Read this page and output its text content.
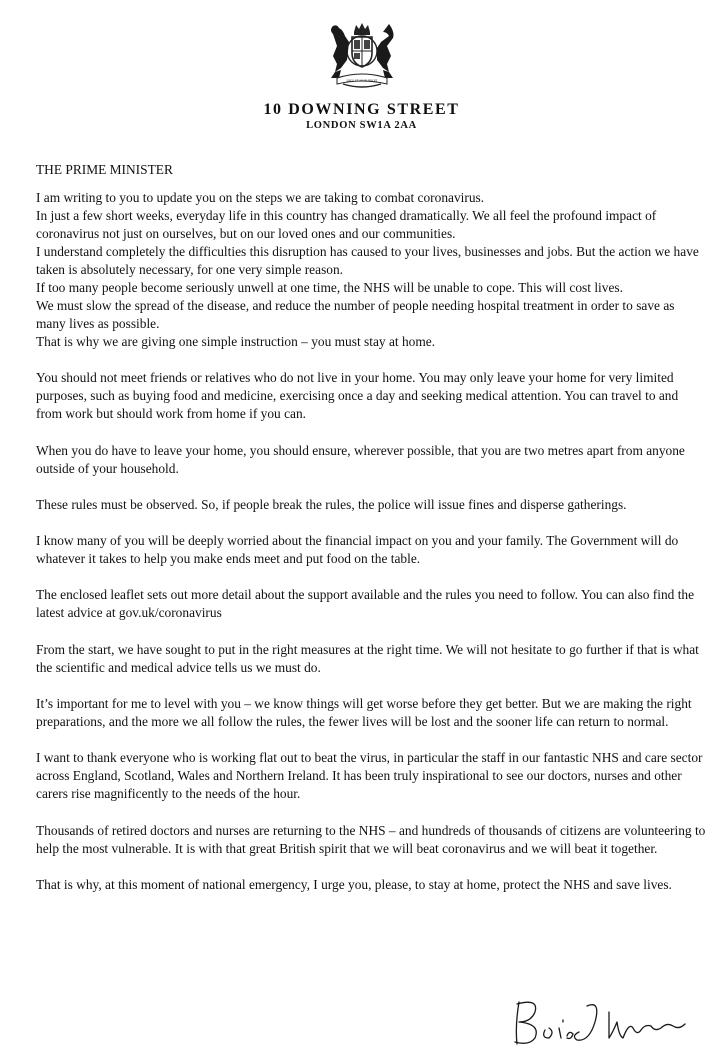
DIEU ET MON DROIT
10 DOWNING STREET
LONDON SW1A 2AA
THE PRIME MINISTER

I am writing to you to update you on the steps we are taking to combat coronavirus.

In just a few short weeks, everyday life in this country has changed dramatically. We all feel the profound impact of coronavirus not just on ourselves, but on our loved ones and our communities.

I understand completely the difficulties this disruption has caused to your lives, businesses and jobs. But the action we have taken is absolutely necessary, for one very simple reason.

If too many people become seriously unwell at one time, the NHS will be unable to cope. This will cost lives.

We must slow the spread of the disease, and reduce the number of people needing hospital treatment in order to save as many lives as possible.

That is why we are giving one simple instruction – you must stay at home.

You should not meet friends or relatives who do not live in your home. You may only leave your home for very limited purposes, such as buying food and medicine, exercising once a day and seeking medical attention. You can travel to and from work but should work from home if you can.

When you do have to leave your home, you should ensure, wherever possible, that you are two metres apart from anyone outside of your household.

These rules must be observed. So, if people break the rules, the police will issue fines and disperse gatherings.

I know many of you will be deeply worried about the financial impact on you and your family. The Government will do whatever it takes to help you make ends meet and put food on the table.

The enclosed leaflet sets out more detail about the support available and the rules you need to follow. You can also find the latest advice at gov.uk/coronavirus

From the start, we have sought to put in the right measures at the right time. We will not hesitate to go further if that is what the scientific and medical advice tells us we must do.

It’s important for me to level with you – we know things will get worse before they get better. But we are making the right preparations, and the more we all follow the rules, the fewer lives will be lost and the sooner life can return to normal.

I want to thank everyone who is working flat out to beat the virus, in particular the staff in our fantastic NHS and care sector across England, Scotland, Wales and Northern Ireland. It has been truly inspirational to see our doctors, nurses and other carers rise magnificently to the needs of the hour.

Thousands of retired doctors and nurses are returning to the NHS – and hundreds of thousands of citizens are volunteering to help the most vulnerable. It is with that great British spirit that we will beat coronavirus and we will beat it together.

That is why, at this moment of national emergency, I urge you, please, to stay at home, protect the NHS and save lives.
